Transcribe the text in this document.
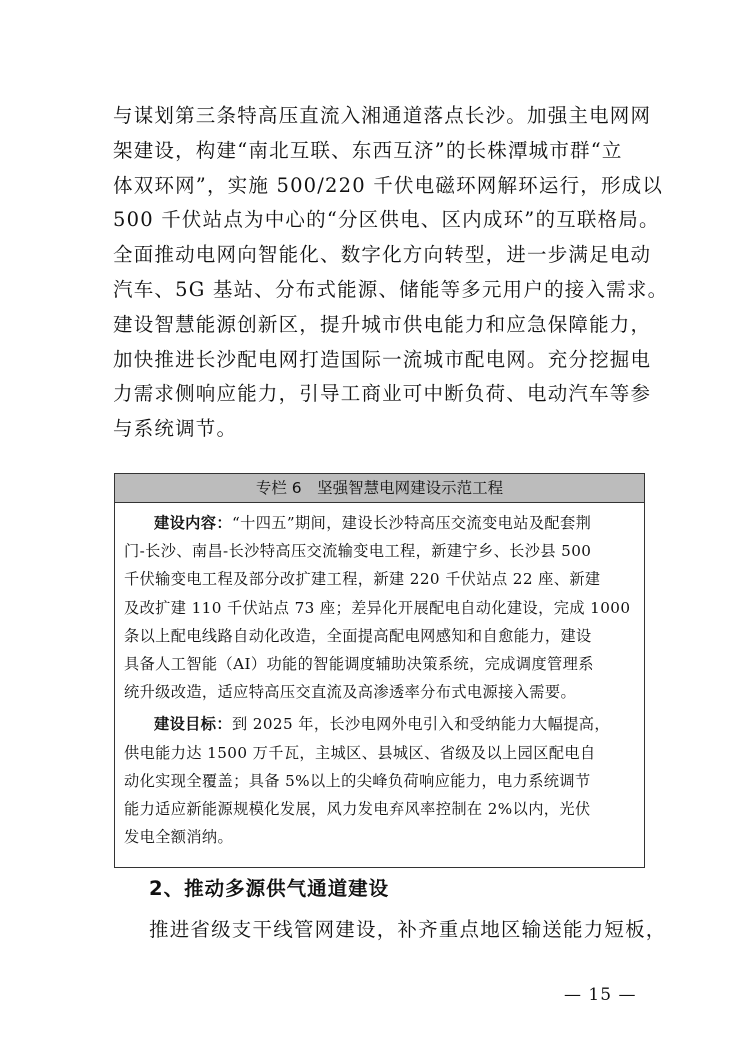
与谋划第三条特高压直流入湘通道落点长沙。加强主电网网
架建设，构建“南北互联、东西互济”的长株潭城市群“立
体双环网”，实施 500/220 千伏电磁环网解环运行，形成以
500 千伏站点为中心的“分区供电、区内成环”的互联格局。
全面推动电网向智能化、数字化方向转型，进一步满足电动
汽车、5G 基站、分布式能源、储能等多元用户的接入需求。
建设智慧能源创新区，提升城市供电能力和应急保障能力，
加快推进长沙配电网打造国际一流城市配电网。充分挖掘电
力需求侧响应能力，引导工商业可中断负荷、电动汽车等参
与系统调节。
专栏 6　坚强智慧电网建设示范工程
建设内容：“十四五”期间，建设长沙特高压交流变电站及配套荆
门-长沙、南昌-长沙特高压交流输变电工程，新建宁乡、长沙县 500
千伏输变电工程及部分改扩建工程，新建 220 千伏站点 22 座、新建
及改扩建 110 千伏站点 73 座；差异化开展配电自动化建设，完成 1000
条以上配电线路自动化改造，全面提高配电网感知和自愈能力，建设
具备人工智能（AI）功能的智能调度辅助决策系统，完成调度管理系
统升级改造，适应特高压交直流及高渗透率分布式电源接入需要。
建设目标：到 2025 年，长沙电网外电引入和受纳能力大幅提高，
供电能力达 1500 万千瓦，主城区、县城区、省级及以上园区配电自
动化实现全覆盖；具备 5%以上的尖峰负荷响应能力，电力系统调节
能力适应新能源规模化发展，风力发电弃风率控制在 2%以内，光伏
发电全额消纳。
2、推动多源供气通道建设
推进省级支干线管网建设，补齐重点地区输送能力短板，
— 15 —
